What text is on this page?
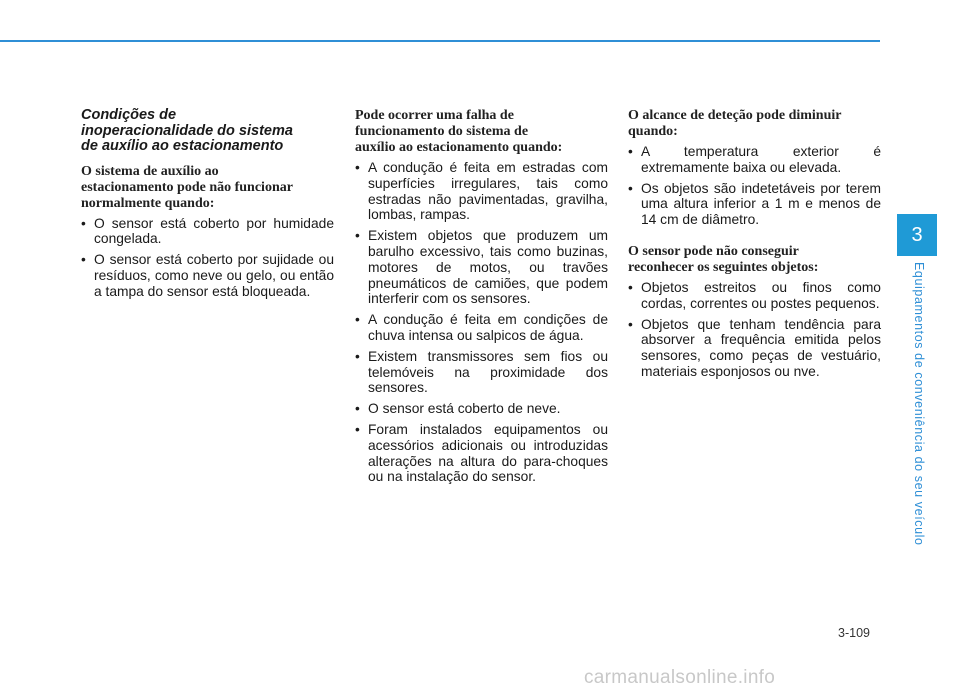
Condições de
inoperacionalidade do sistema
de auxílio ao estacionamento
O sistema de auxílio ao
estacionamento pode não funcionar
normalmente quando:
• O sensor está coberto por humidade congelada.
• O sensor está coberto por sujidade ou resíduos, como neve ou gelo, ou então a tampa do sensor está bloqueada.
Pode ocorrer uma falha de
funcionamento do sistema de
auxílio ao estacionamento quando:
• A condução é feita em estradas com superfícies irregulares, tais como estradas não pavimentadas, gravilha, lombas, rampas.
• Existem objetos que produzem um barulho excessivo, tais como buzinas, motores de motos, ou travões pneumáticos de camiões, que podem interferir com os sensores.
• A condução é feita em condições de chuva intensa ou salpicos de água.
• Existem transmissores sem fios ou telemóveis na proximidade dos sensores.
• O sensor está coberto de neve.
• Foram instalados equipamentos ou acessórios adicionais ou introduzidas alterações na altura do para-choques ou na instalação do sensor.
O alcance de deteção pode diminuir
quando:
• A temperatura exterior é extremamente baixa ou elevada.
• Os objetos são indetetáveis por terem uma altura inferior a 1 m e menos de 14 cm de diâmetro.
O sensor pode não conseguir
reconhecer os seguintes objetos:
• Objetos estreitos ou finos como cordas, correntes ou postes pequenos.
• Objetos que tenham tendência para absorver a frequência emitida pelos sensores, como peças de vestuário, materiais esponjosos ou nve.
3
Equipamentos de conveniência do seu veículo
3-109
carmanualsonline.info
